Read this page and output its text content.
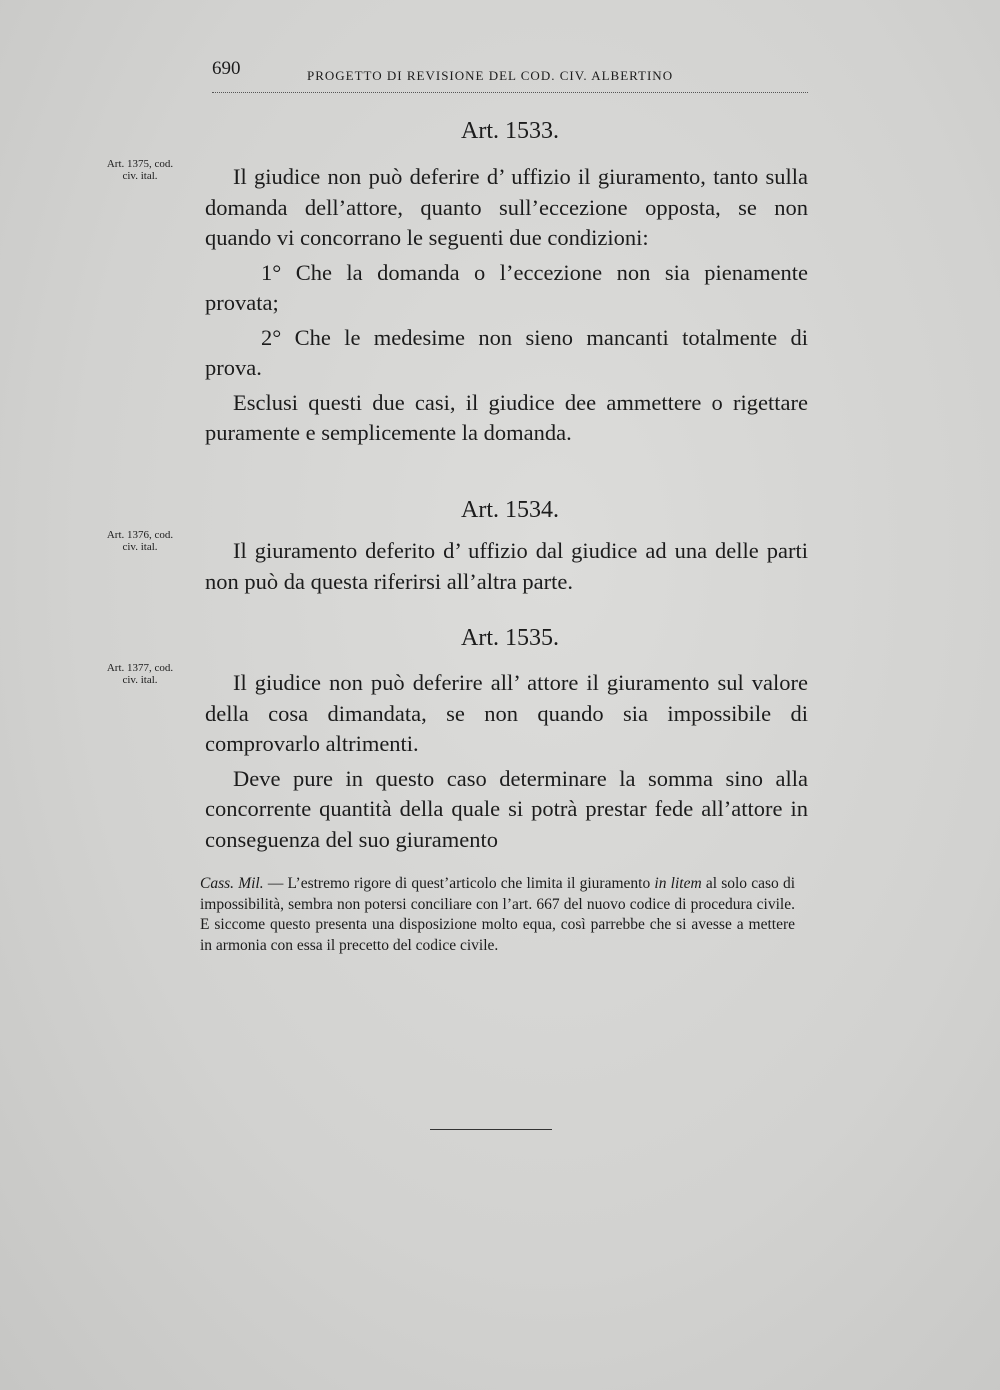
690	PROGETTO DI REVISIONE DEL COD. CIV. ALBERTINO
Art. 1533.
Art. 1375, cod.
civ. ital.	Il giudice non può deferire d’ uffizio il giuramento, tanto sulla domanda dell’attore, quanto sull’eccezione opposta, se non quando vi concorrano le seguenti due condizioni:

1° Che la domanda o l’eccezione non sia pienamente provata;

2° Che le medesime non sieno mancanti totalmente di prova.

Esclusi questi due casi, il giudice dee ammettere o rigettare puramente e semplicemente la domanda.

Art. 1534.
Art. 1376, cod.
civ. ital.	Il giuramento deferito d’ uffizio dal giudice ad una delle parti non può da questa riferirsi all’altra parte.

Art. 1535.
Art. 1377, cod.
civ. ital.	Il giudice non può deferire all’ attore il giuramento sul valore della cosa dimandata, se non quando sia impossibile di comprovarlo altrimenti.

Deve pure in questo caso determinare la somma sino alla concorrente quantità della quale si potrà prestar fede all’attore in conseguenza del suo giuramento

Cass. Mil. — L’estremo rigore di quest’articolo che limita il giuramento in litem al solo caso di impossibilità, sembra non potersi conciliare con l’art. 667 del nuovo codice di procedura civile. E siccome questo presenta una disposizione molto equa, così parrebbe che si avesse a mettere in armonia con essa il precetto del codice civile.
